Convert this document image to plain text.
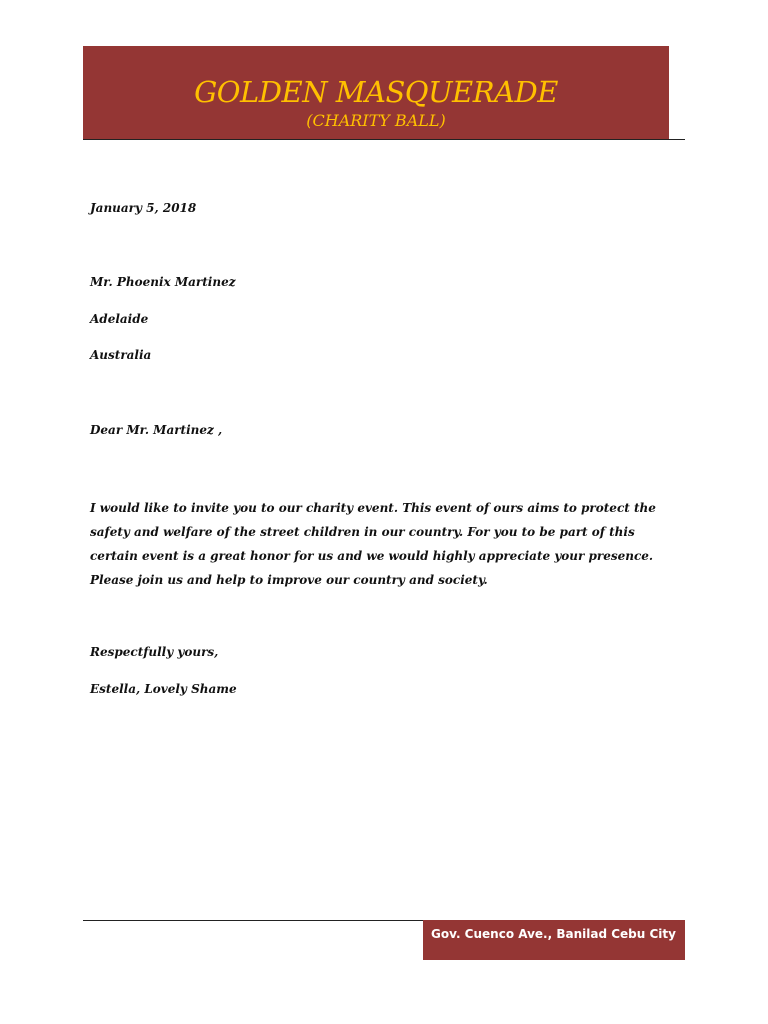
GOLDEN MASQUERADE
(CHARITY BALL)
January 5, 2018
Mr. Phoenix Martinez
Adelaide
Australia
Dear Mr. Martinez ,
I would like to invite you to our charity event. This event of ours aims to protect the safety and welfare of the street children in our country. For you to be part of this certain event is a great honor for us and we would highly appreciate your presence. Please join us and help to improve our country and society.
Respectfully yours,
Estella, Lovely Shame
Gov. Cuenco Ave., Banilad Cebu City
